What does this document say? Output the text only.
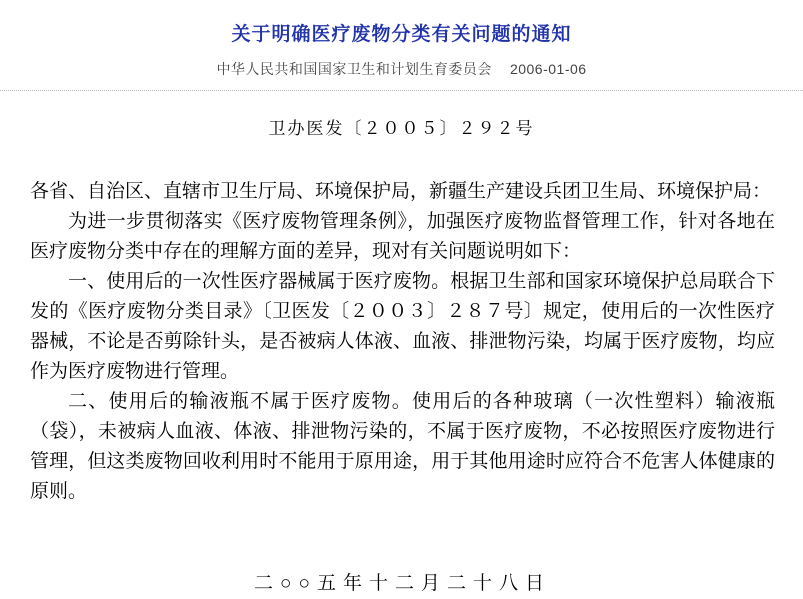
关于明确医疗废物分类有关问题的通知
中华人民共和国国家卫生和计划生育委员会 2006-01-06
卫办医发〔２００５〕２９２号

各省、自治区、直辖市卫生厅局、环境保护局，新疆生产建设兵团卫生局、环境保护局：

为进一步贯彻落实《医疗废物管理条例》，加强医疗废物监督管理工作，针对各地在医疗废物分类中存在的理解方面的差异，现对有关问题说明如下：

一、使用后的一次性医疗器械属于医疗废物。根据卫生部和国家环境保护总局联合下发的《医疗废物分类目录》〔卫医发〔２００３〕２８７号〕规定，使用后的一次性医疗器械，不论是否剪除针头，是否被病人体液、血液、排泄物污染，均属于医疗废物，均应作为医疗废物进行管理。

二、使用后的输液瓶不属于医疗废物。使用后的各种玻璃（一次性塑料）输液瓶（袋），未被病人血液、体液、排泄物污染的，不属于医疗废物，不必按照医疗废物进行管理，但这类废物回收利用时不能用于原用途，用于其他用途时应符合不危害人体健康的原则。

二○○五年十二月二十八日
